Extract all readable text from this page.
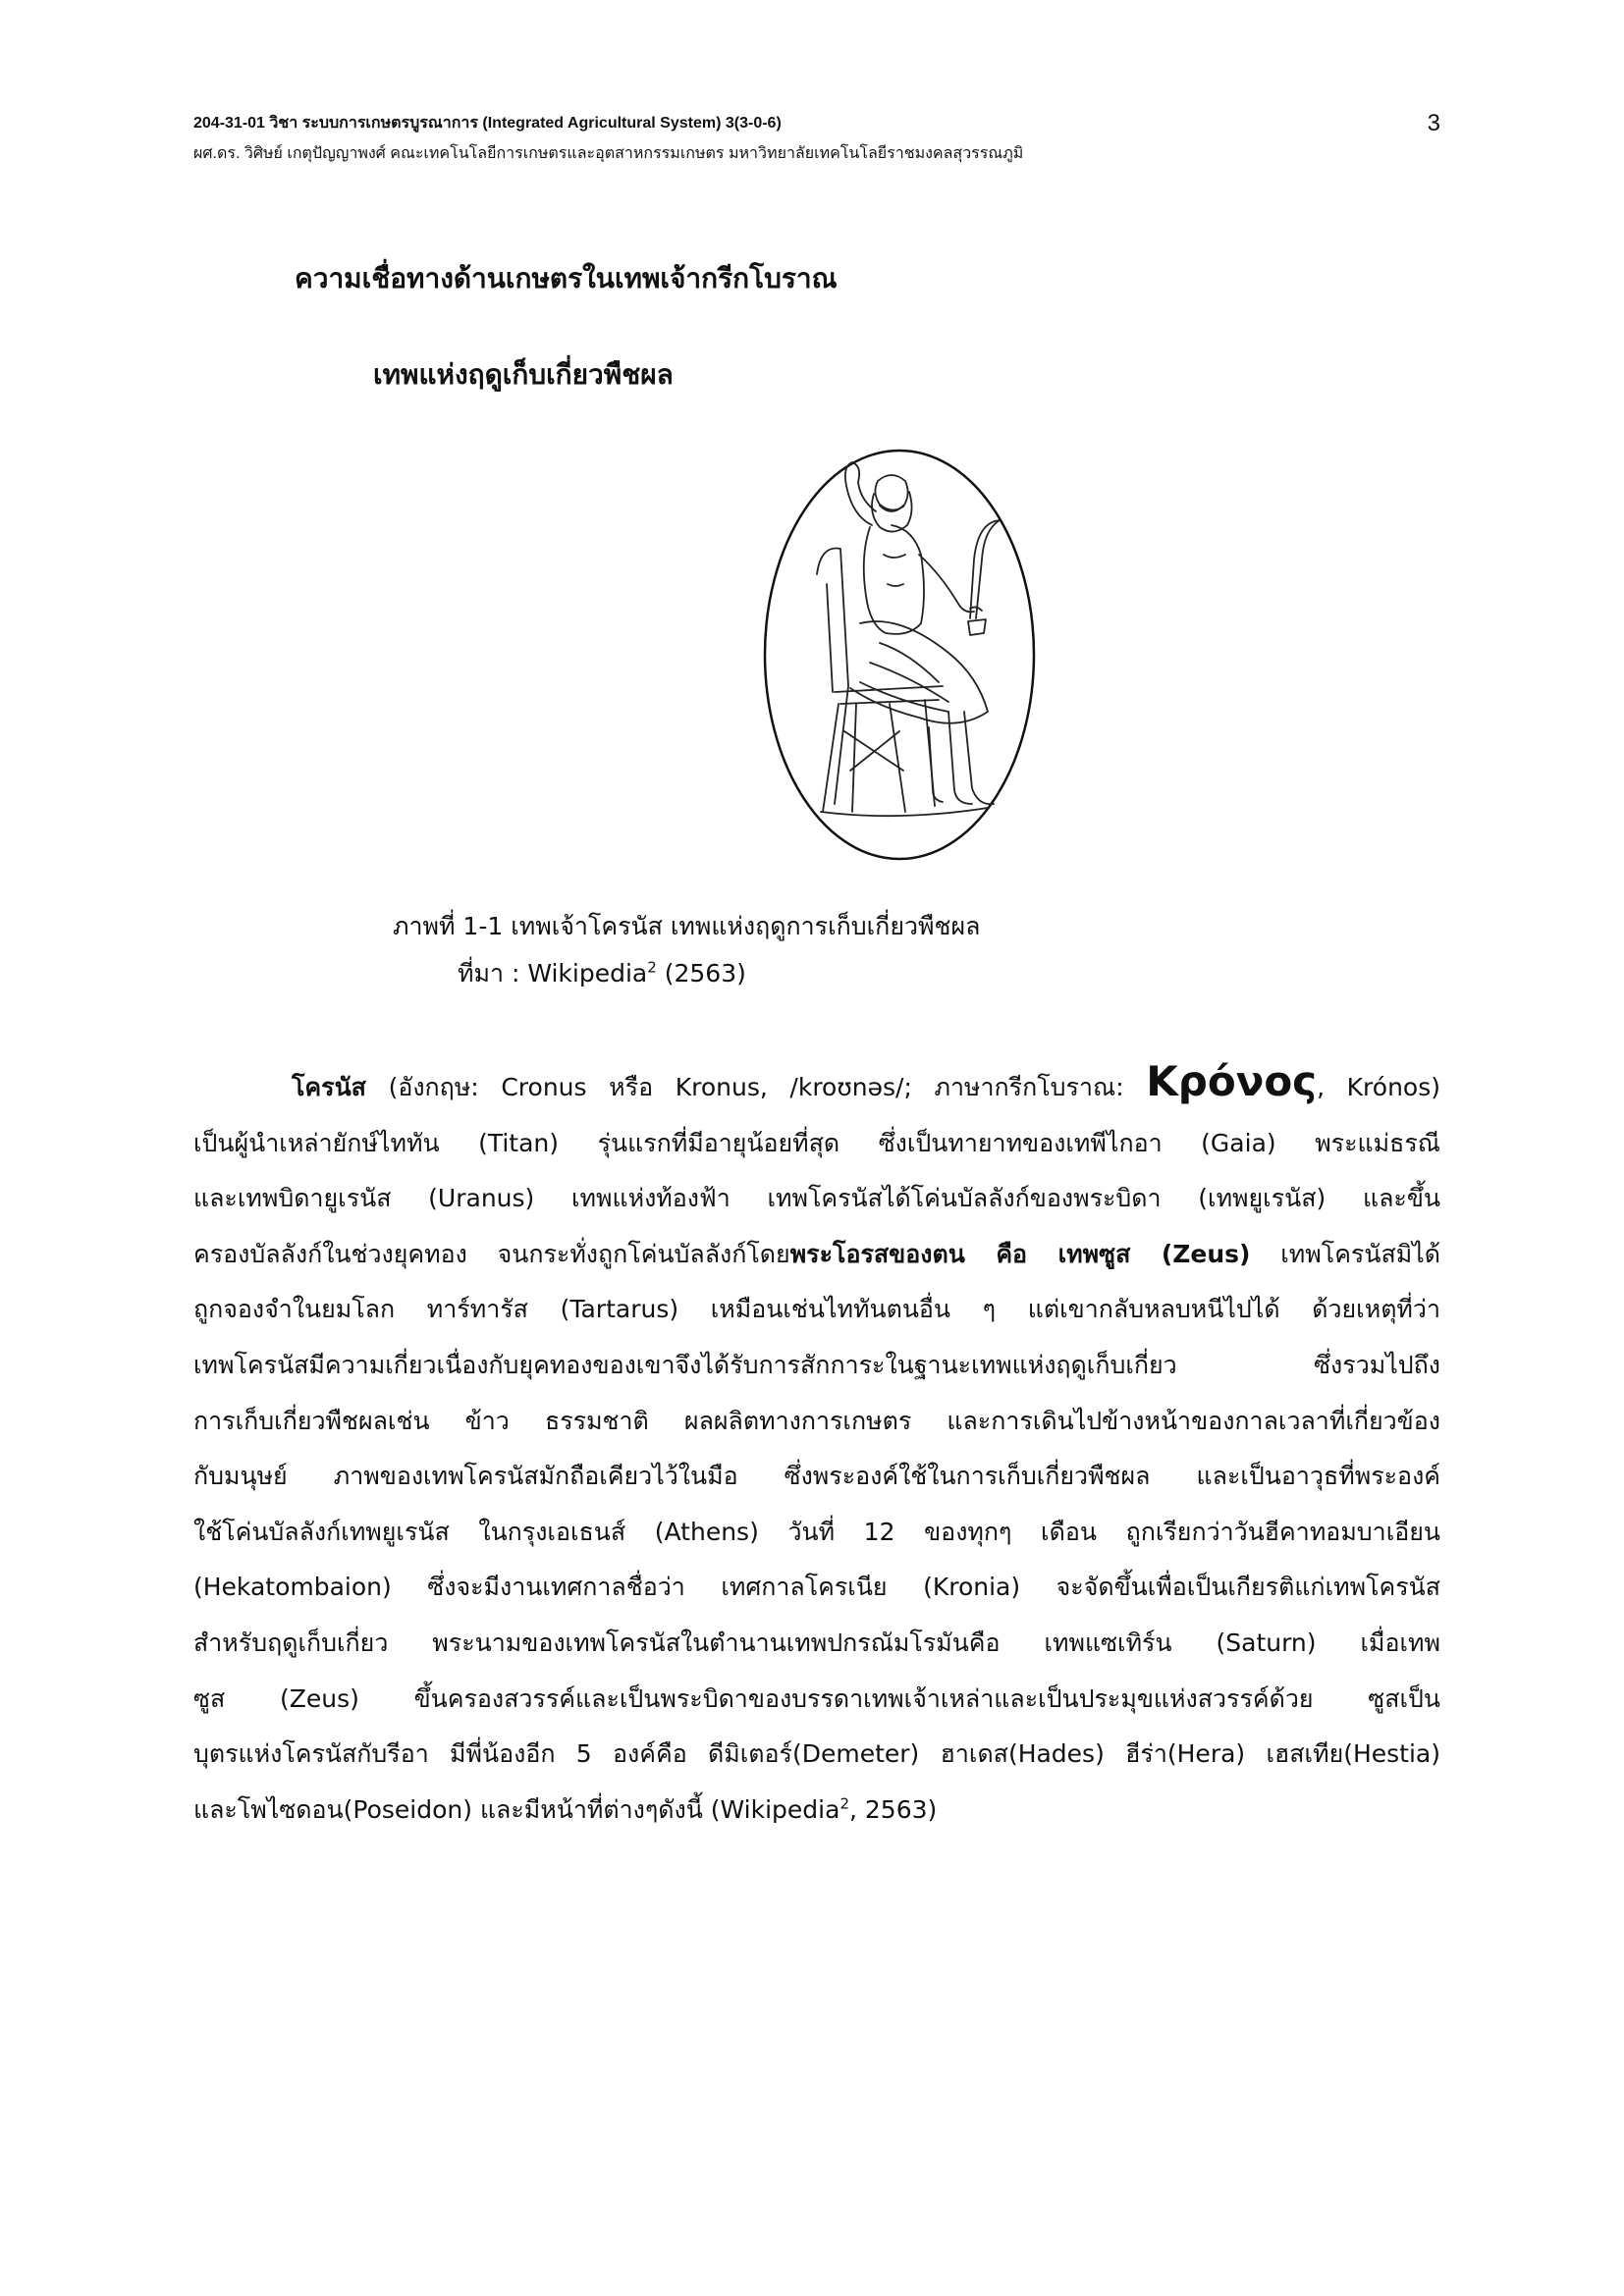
204-31-01 วิชา ระบบการเกษตรบูรณาการ (Integrated Agricultural System) 3(3-0-6)
ผศ.ดร. วิศิษย์ เกตุปัญญาพงศ์ คณะเทคโนโลยีการเกษตรและอุตสาหกรรมเกษตร มหาวิทยาลัยเทคโนโลยีราชมงคลสุวรรณภูมิ
3
ความเชื่อทางด้านเกษตรในเทพเจ้ากรีกโบราณ
เทพแห่งฤดูเก็บเกี่ยวพืชผล
ภาพที่ 1-1 เทพเจ้าโครนัส เทพแห่งฤดูการเก็บเกี่ยวพืชผล
ที่มา : Wikipedia$^2$ (2563)
โครนัส (อังกฤษ: Cronus หรือ Kronus, /kroʊnəs/; ภาษากรีกโบราณ: Κρόνος, Krónos)
เป็นผู้นำเหล่ายักษ์ไททัน (Titan) รุ่นแรกที่มีอายุน้อยที่สุด ซึ่งเป็นทายาทของเทพีไกอา (Gaia) พระแม่ธรณี
และเทพบิดายูเรนัส (Uranus) เทพแห่งท้องฟ้า เทพโครนัสได้โค่นบัลลังก์ของพระบิดา (เทพยูเรนัส) และขึ้น
ครองบัลลังก์ในช่วงยุคทอง จนกระทั่งถูกโค่นบัลลังก์โดยพระโอรสของตน คือ เทพซูส (Zeus) เทพโครนัสมิได้
ถูกจองจำในยมโลก ทาร์ทารัส (Tartarus) เหมือนเช่นไททันตนอื่น ๆ แต่เขากลับหลบหนีไปได้ ด้วยเหตุที่ว่า
เทพโครนัสมีความเกี่ยวเนื่องกับยุคทองของเขาจึงได้รับการสักการะในฐานะเทพแห่งฤดูเก็บเกี่ยว ซึ่งรวมไปถึง
การเก็บเกี่ยวพืชผลเช่น ข้าว ธรรมชาติ ผลผลิตทางการเกษตร และการเดินไปข้างหน้าของกาลเวลาที่เกี่ยวข้อง
กับมนุษย์ ภาพของเทพโครนัสมักถือเคียวไว้ในมือ ซึ่งพระองค์ใช้ในการเก็บเกี่ยวพืชผล และเป็นอาวุธที่พระองค์
ใช้โค่นบัลลังก์เทพยูเรนัส ในกรุงเอเธนส์ (Athens) วันที่ 12 ของทุกๆ เดือน ถูกเรียกว่าวันฮีคาทอมบาเอียน
(Hekatombaion) ซึ่งจะมีงานเทศกาลชื่อว่า เทศกาลโครเนีย (Kronia) จะจัดขึ้นเพื่อเป็นเกียรติแก่เทพโครนัส
สำหรับฤดูเก็บเกี่ยว พระนามของเทพโครนัสในตำนานเทพปกรณัมโรมันคือ เทพแซเทิร์น (Saturn) เมื่อเทพ
ซูส (Zeus) ขึ้นครองสวรรค์และเป็นพระบิดาของบรรดาเทพเจ้าเหล่าและเป็นประมุขแห่งสวรรค์ด้วย ซูสเป็น
บุตรแห่งโครนัสกับรีอา มีพี่น้องอีก 5 องค์คือ ดีมิเตอร์(Demeter) ฮาเดส(Hades) ฮีร่า(Hera) เฮสเทีย(Hestia)
และโพไซดอน(Poseidon) และมีหน้าที่ต่างๆดังนี้ (Wikipedia$^2$, 2563)
